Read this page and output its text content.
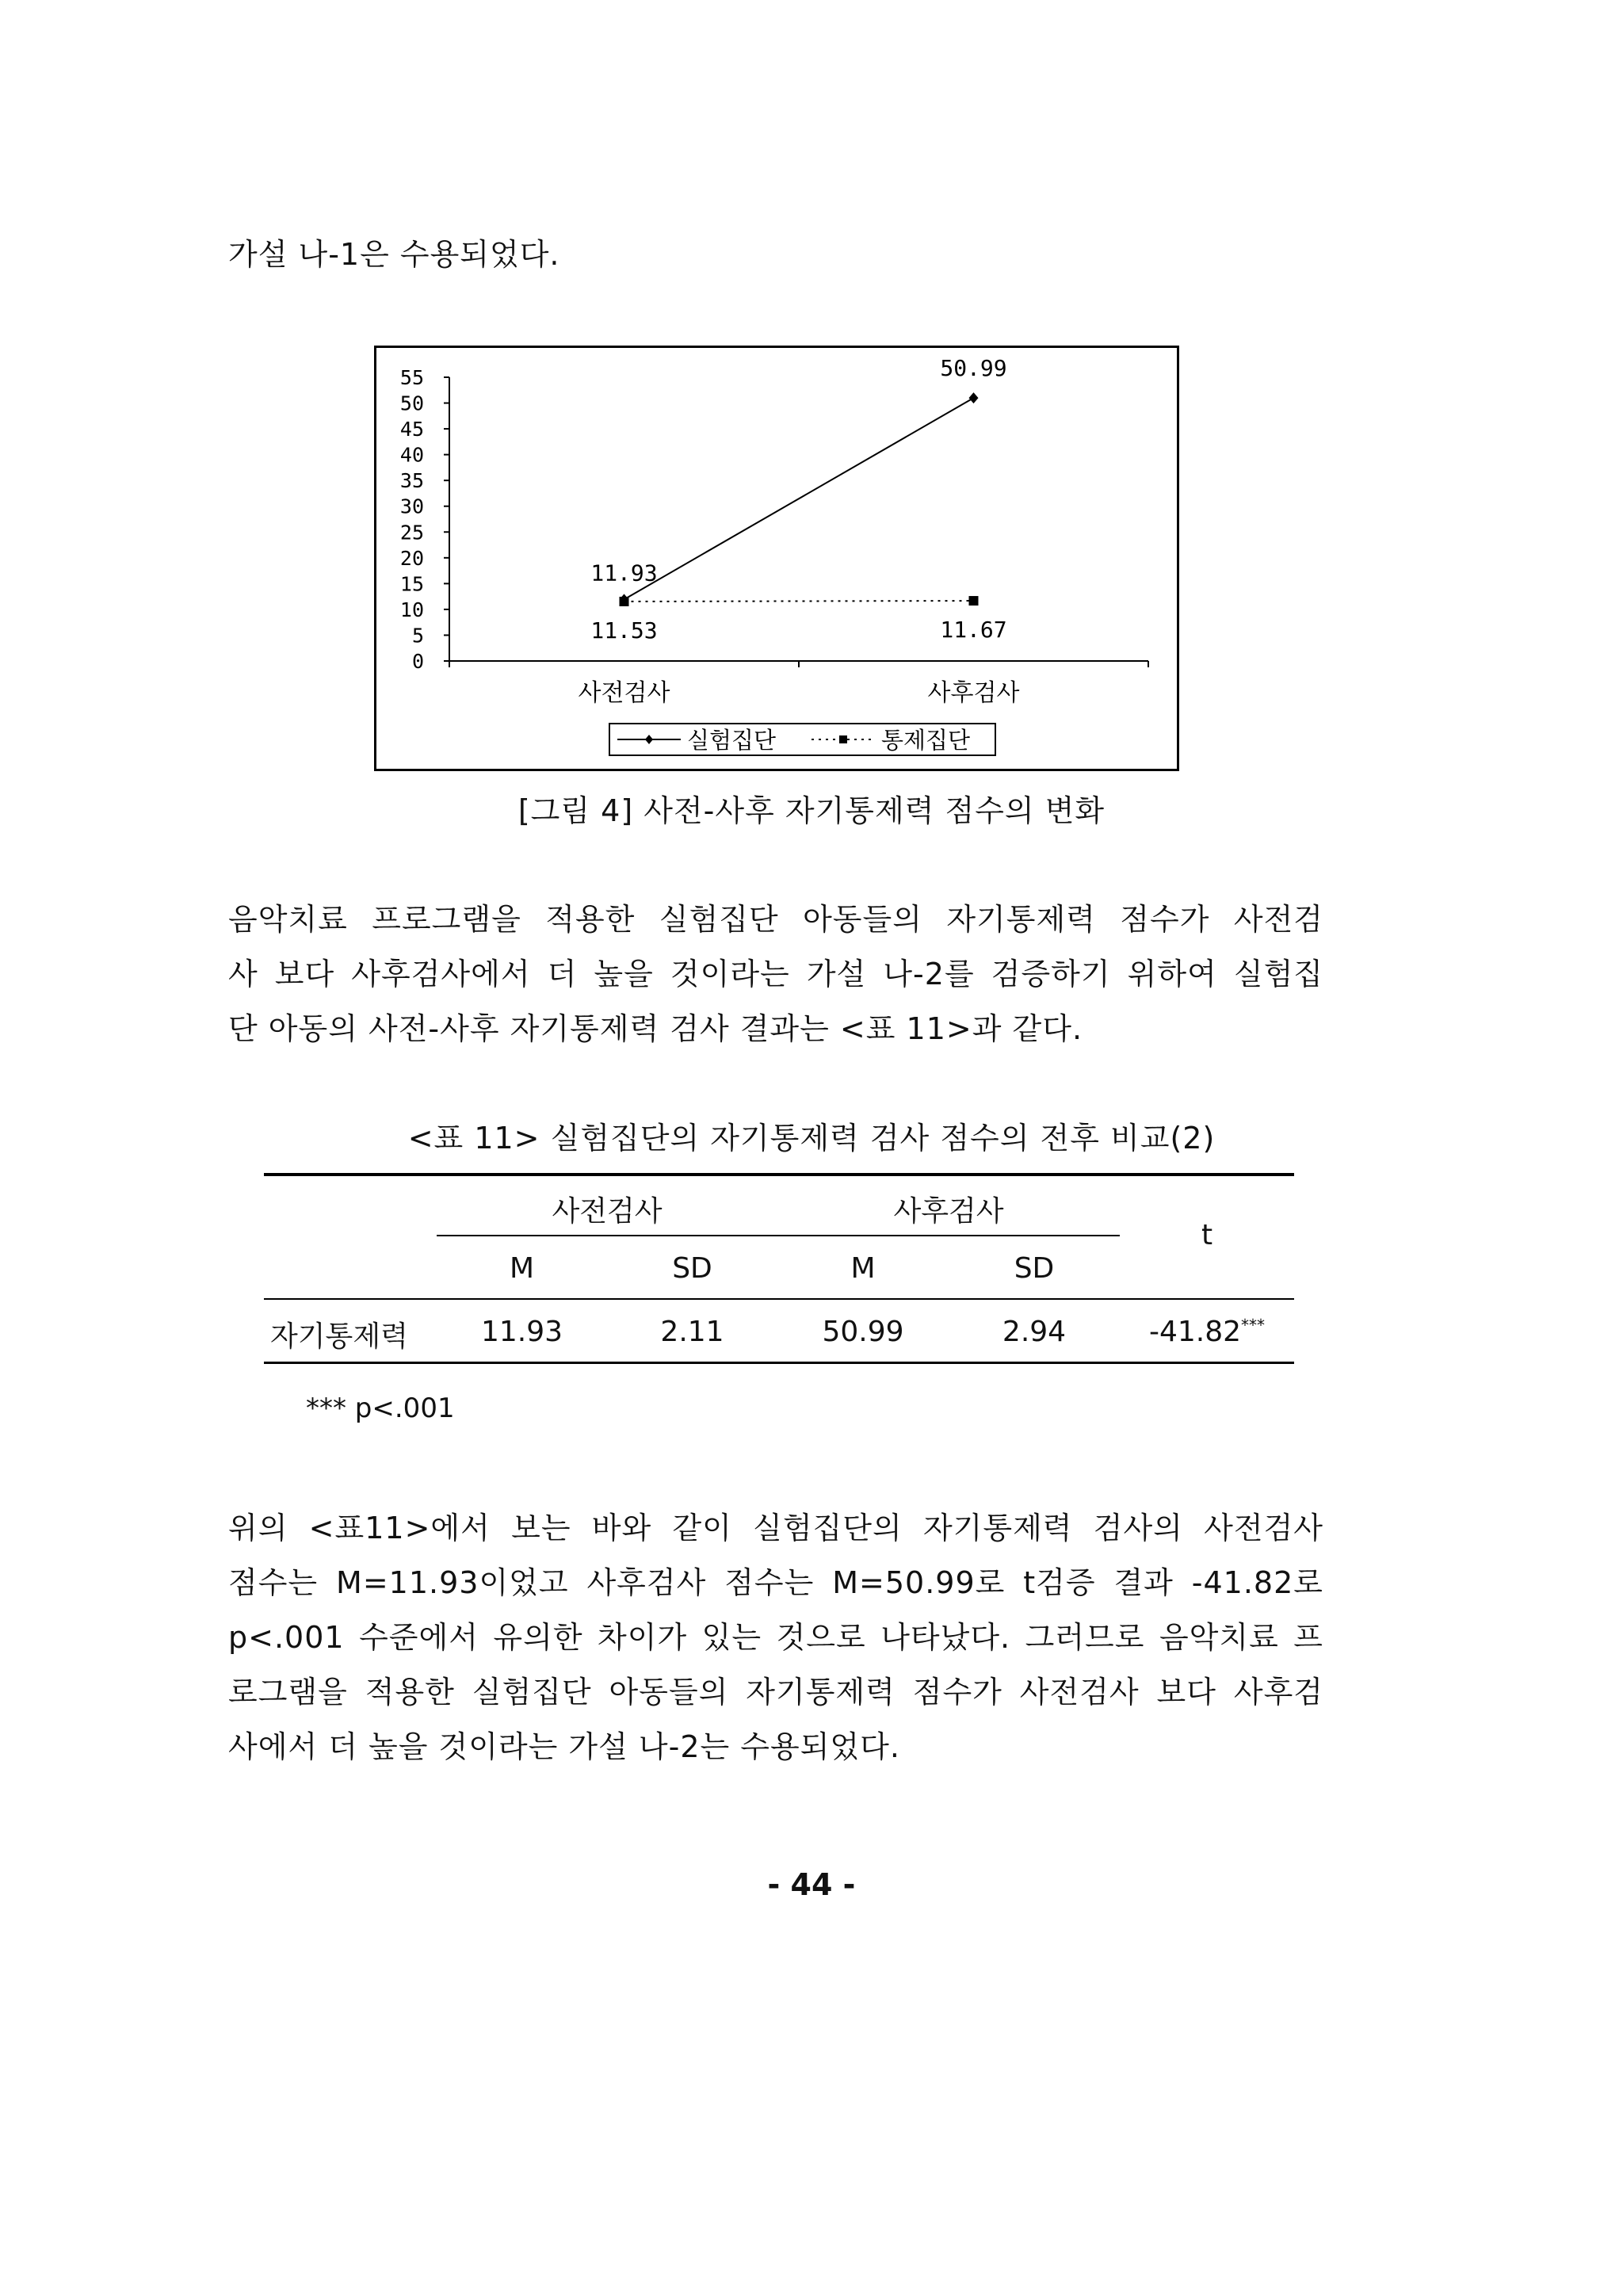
가설 나-1은 수용되었다.
55
50
45
40
35
30
25
20
15
10
5
0
사전검사	사후검사
11.93
50.99
11.53	11.67
실험집단	통제집단
[그림 4] 사전-사후 자기통제력 점수의 변화

음악치료 프로그램을 적용한 실험집단 아동들의 자기통제력 점수가 사전검

사 보다 사후검사에서 더 높을 것이라는 가설 나-2를 검증하기 위하여 실험집

단 아동의 사전-사후 자기통제력 검사 결과는 <표 11>과 같다.

<표 11> 실험집단의 자기통제력 검사 점수의 전후 비교(2)
사전검사	사후검사
t
M	SD	M	SD
자기통제력	11.93	2.11	50.99	2.94	-41.82***
*** p<.001

위의 <표11>에서 보는 바와 같이 실험집단의 자기통제력 검사의 사전검사

점수는 M=11.93이었고 사후검사 점수는 M=50.99로 t검증 결과 -41.82로

p<.001 수준에서 유의한 차이가 있는 것으로 나타났다. 그러므로 음악치료 프

로그램을 적용한 실험집단 아동들의 자기통제력 점수가 사전검사 보다 사후검

사에서 더 높을 것이라는 가설 나-2는 수용되었다.

- 44 -
